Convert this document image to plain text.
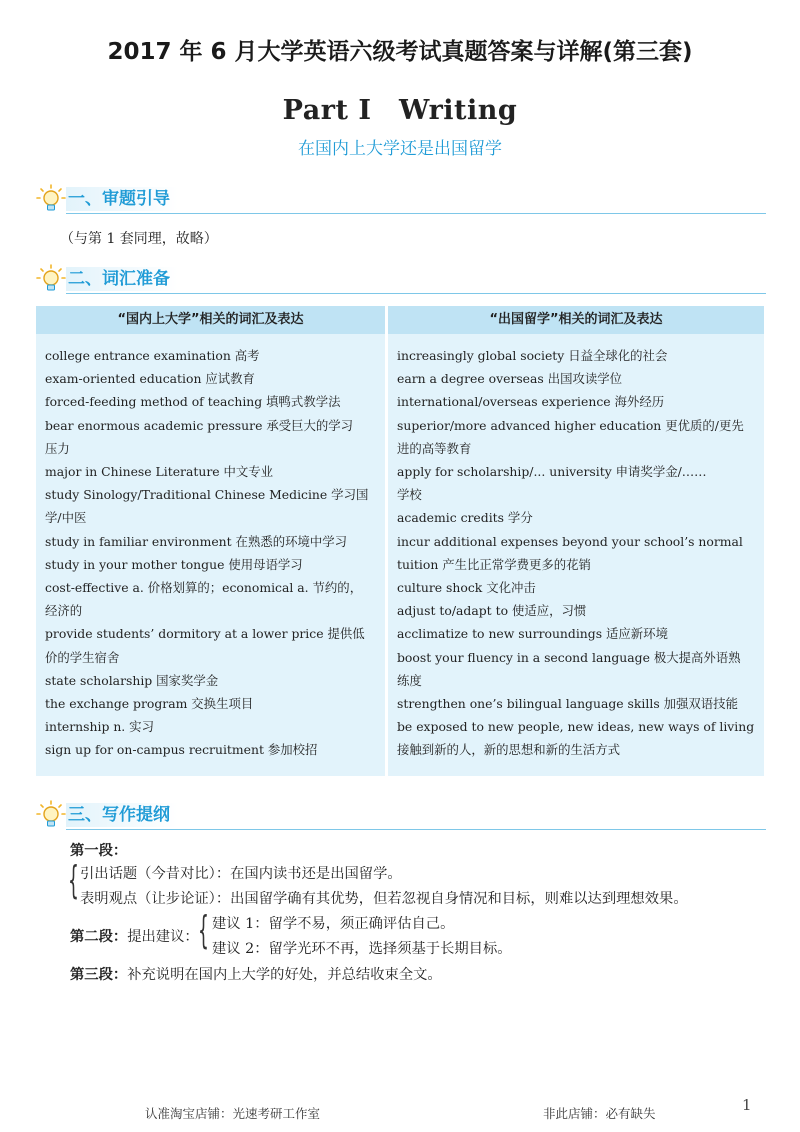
2017 年 6 月大学英语六级考试真题答案与详解(第三套)
Part I　Writing
在国内上大学还是出国留学
一、审题引导
（与第 1 套同理，故略）
二、词汇准备
“国内上大学”相关的词汇及表达
college entrance examination 高考
exam-oriented education 应试教育
forced-feeding method of teaching 填鸭式教学法
bear enormous academic pressure 承受巨大的学习
压力
major in Chinese Literature 中文专业
study Sinology/Traditional Chinese Medicine 学习国
学/中医
study in familiar environment 在熟悉的环境中学习
study in your mother tongue 使用母语学习
cost-effective a. 价格划算的；economical a. 节约的，
经济的
provide students’ dormitory at a lower price 提供低
价的学生宿舍
state scholarship 国家奖学金
the exchange program 交换生项目
internship n. 实习
sign up for on-campus recruitment 参加校招
“出国留学”相关的词汇及表达
increasingly global society 日益全球化的社会
earn a degree overseas 出国攻读学位
international/overseas experience 海外经历
superior/more advanced higher education 更优质的/更先
进的高等教育
apply for scholarship/... university 申请奖学金/……
学校
academic credits 学分
incur additional expenses beyond your school’s normal
tuition 产生比正常学费更多的花销
culture shock 文化冲击
adjust to/adapt to 使适应，习惯
acclimatize to new surroundings 适应新环境
boost your fluency in a second language 极大提高外语熟
练度
strengthen one’s bilingual language skills 加强双语技能
be exposed to new people, new ideas, new ways of living
接触到新的人，新的思想和新的生活方式
三、写作提纲
第一段：
{ 引出话题（今昔对比）：在国内读书还是出国留学。
表明观点（让步论证）：出国留学确有其优势，但若忽视自身情况和目标，则难以达到理想效果。
第二段：提出建议： { 建议 1：留学不易，须正确评估自己。
建议 2：留学光环不再，选择须基于长期目标。
第三段：补充说明在国内上大学的好处，并总结收束全文。
认准淘宝店铺：光速考研工作室	非此店铺：必有缺失	1
